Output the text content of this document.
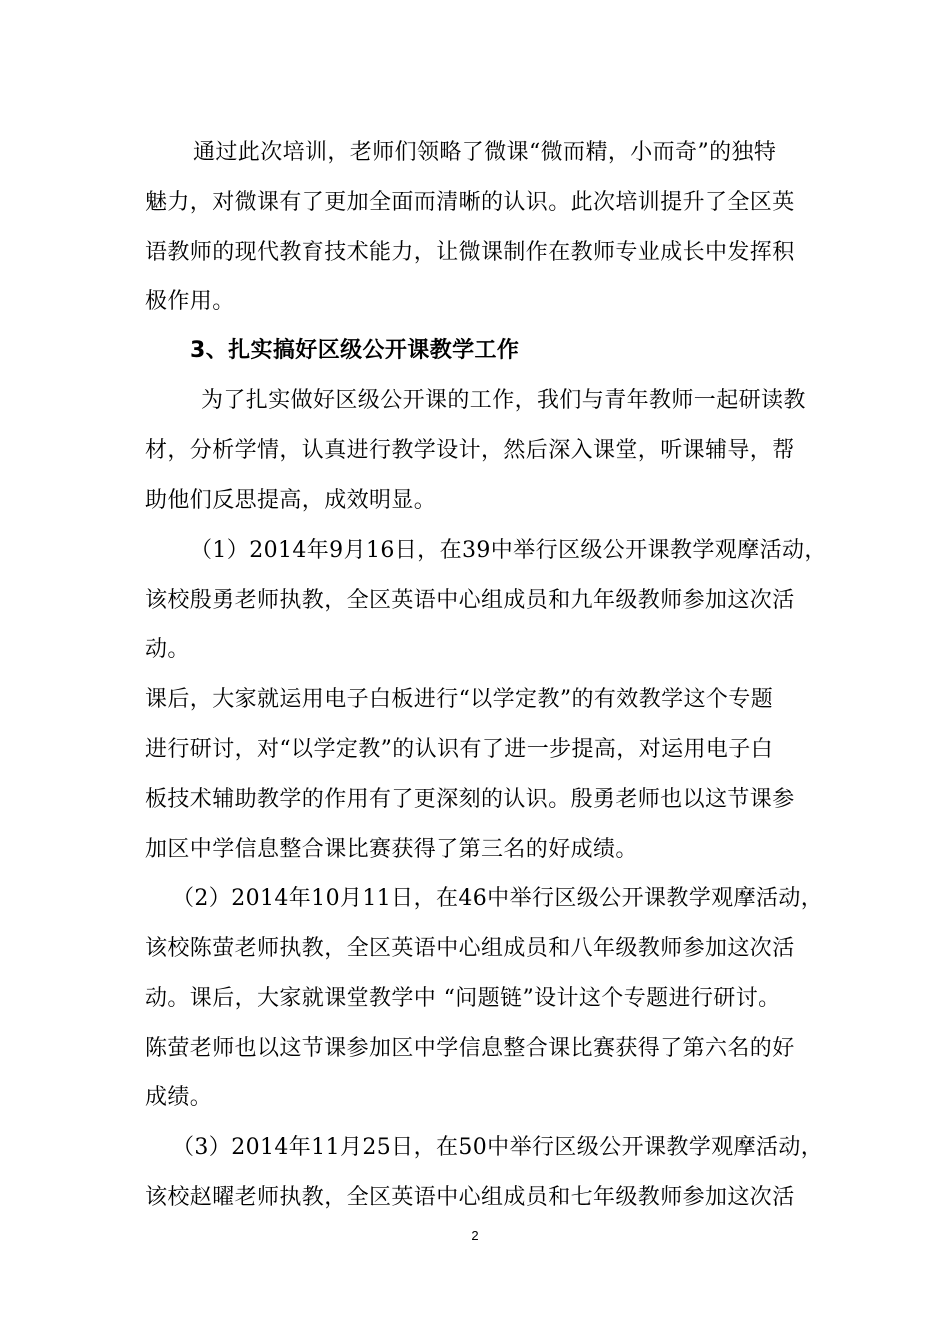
通过此次培训，老师们领略了微课“微而精，小而奇”的独特
魅力，对微课有了更加全面而清晰的认识。此次培训提升了全区英
语教师的现代教育技术能力，让微课制作在教师专业成长中发挥积
极作用。
3、扎实搞好区级公开课教学工作
为了扎实做好区级公开课的工作，我们与青年教师一起研读教
材，分析学情，认真进行教学设计，然后深入课堂，听课辅导，帮
助他们反思提高，成效明显。
（1）2014年9月16日，在39中举行区级公开课教学观摩活动，
该校殷勇老师执教，全区英语中心组成员和九年级教师参加这次活
动。
课后，大家就运用电子白板进行“以学定教”的有效教学这个专题
进行研讨，对“以学定教”的认识有了进一步提高，对运用电子白
板技术辅助教学的作用有了更深刻的认识。殷勇老师也以这节课参
加区中学信息整合课比赛获得了第三名的好成绩。
（2）2014年10月11日，在46中举行区级公开课教学观摩活动，
该校陈萤老师执教，全区英语中心组成员和八年级教师参加这次活
动。课后，大家就课堂教学中 “问题链”设计这个专题进行研讨。
陈萤老师也以这节课参加区中学信息整合课比赛获得了第六名的好
成绩。
（3）2014年11月25日，在50中举行区级公开课教学观摩活动，
该校赵曜老师执教，全区英语中心组成员和七年级教师参加这次活
2
